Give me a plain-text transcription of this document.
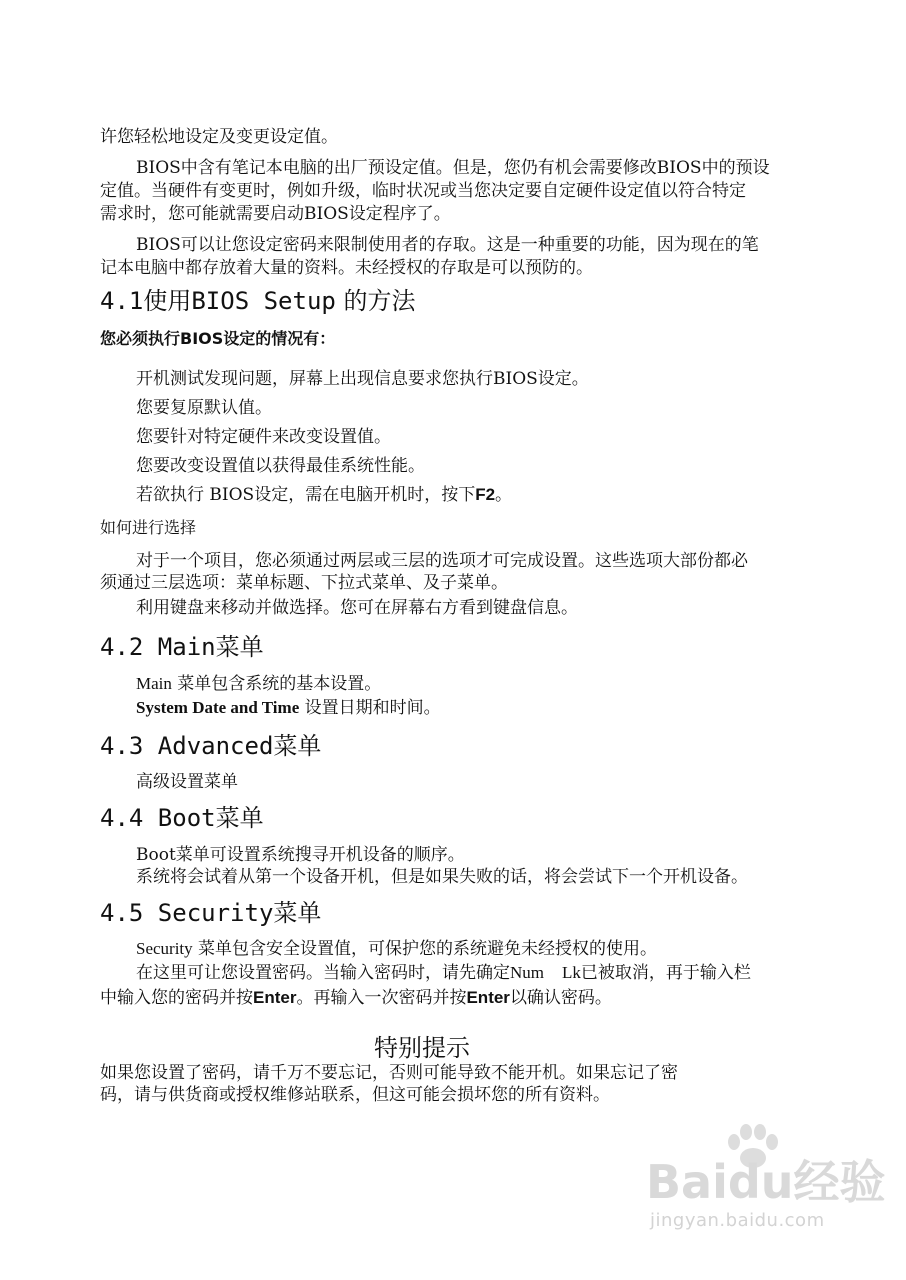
许您轻松地设定及变更设定值。
BIOS中含有笔记本电脑的出厂预设定值。但是，您仍有机会需要修改BIOS中的预设
定值。当硬件有变更时，例如升级，临时状况或当您决定要自定硬件设定值以符合特定
需求时，您可能就需要启动BIOS设定程序了。
BIOS可以让您设定密码来限制使用者的存取。这是一种重要的功能，因为现在的笔
记本电脑中都存放着大量的资料。未经授权的存取是可以预防的。
4.1使用BIOS Setup 的方法
您必须执行BIOS设定的情况有：
开机测试发现问题，屏幕上出现信息要求您执行BIOS设定。
您要复原默认值。
您要针对特定硬件来改变设置值。
您要改变设置值以获得最佳系统性能。
若欲执行 BIOS设定，需在电脑开机时，按下F2。
如何进行选择
对于一个项目，您必须通过两层或三层的选项才可完成设置。这些选项大部份都必
须通过三层选项：菜单标题、下拉式菜单、及子菜单。
利用键盘来移动并做选择。您可在屏幕右方看到键盘信息。
4.2 Main菜单
Main 菜单包含系统的基本设置。
System Date and Time 设置日期和时间。
4.3 Advanced菜单
高级设置菜单
4.4 Boot菜单
Boot菜单可设置系统搜寻开机设备的顺序。
系统将会试着从第一个设备开机，但是如果失败的话，将会尝试下一个开机设备。
4.5 Security菜单
Security 菜单包含安全设置值，可保护您的系统避免未经授权的使用。
在这里可让您设置密码。当输入密码时，请先确定Num Lk已被取消，再于输入栏
中输入您的密码并按Enter。再输入一次密码并按Enter以确认密码。
特别提示
如果您设置了密码，请千万不要忘记，否则可能导致不能开机。如果忘记了密
码，请与供货商或授权维修站联系，但这可能会损坏您的所有资料。
Baidu经验
jingyan.baidu.com
